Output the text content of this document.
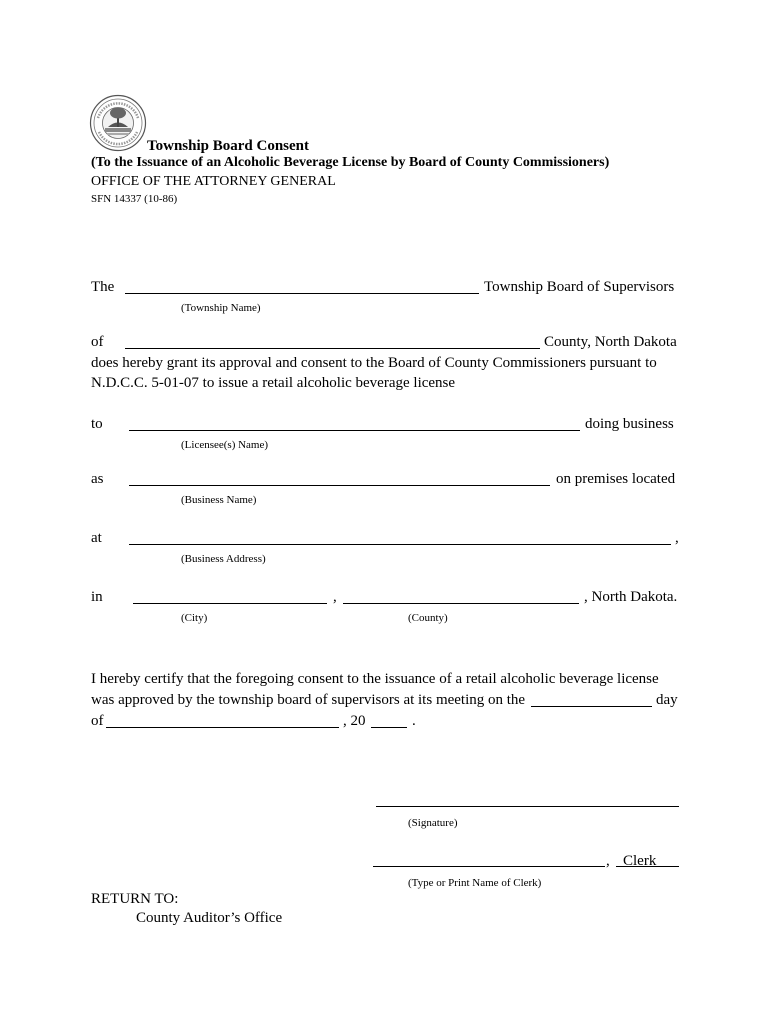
Township Board Consent
(To the Issuance of an Alcoholic Beverage License by Board of County Commissioners)
OFFICE OF THE ATTORNEY GENERAL
SFN 14337 (10-86)
The	Township Board of Supervisors
(Township Name)
of	County, North Dakota
does hereby grant its approval and consent to the Board of County Commissioners pursuant to
N.D.C.C. 5-01-07 to issue a retail alcoholic beverage license
to	doing business
(Licensee(s) Name)
as	on premises located
(Business Name)
at	,
(Business Address)
in	,	, North Dakota.
(City)	(County)
I hereby certify that the foregoing consent to the issuance of a retail alcoholic beverage license
was approved by the township board of supervisors at its meeting on the	day
of	, 20	.
(Signature)
, Clerk
(Type or Print Name of Clerk)
RETURN TO:
County Auditor’s Office
